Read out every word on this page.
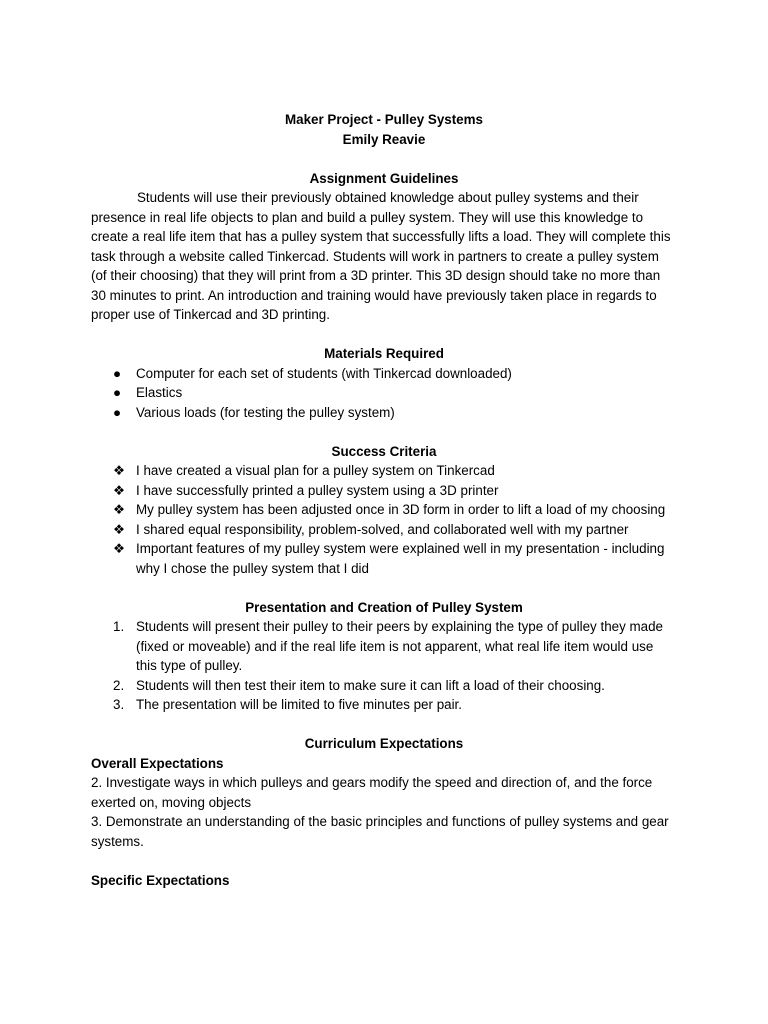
Maker Project - Pulley Systems

Emily Reavie

Assignment Guidelines

Students will use their previously obtained knowledge about pulley systems and their presence in real life objects to plan and build a pulley system. They will use this knowledge to create a real life item that has a pulley system that successfully lifts a load. They will complete this task through a website called Tinkercad. Students will work in partners to create a pulley system (of their choosing) that they will print from a 3D printer. This 3D design should take no more than 30 minutes to print. An introduction and training would have previously taken place in regards to proper use of Tinkercad and 3D printing.

Materials Required

● Computer for each set of students (with Tinkercad downloaded)
● Elastics
● Various loads (for testing the pulley system)

Success Criteria

❖ I have created a visual plan for a pulley system on Tinkercad
❖ I have successfully printed a pulley system using a 3D printer
❖ My pulley system has been adjusted once in 3D form in order to lift a load of my choosing
❖ I shared equal responsibility, problem-solved, and collaborated well with my partner
❖ Important features of my pulley system were explained well in my presentation - including why I chose the pulley system that I did

Presentation and Creation of Pulley System

1. Students will present their pulley to their peers by explaining the type of pulley they made (fixed or moveable) and if the real life item is not apparent, what real life item would use this type of pulley.
2. Students will then test their item to make sure it can lift a load of their choosing.
3. The presentation will be limited to five minutes per pair.

Curriculum Expectations

Overall Expectations

2. Investigate ways in which pulleys and gears modify the speed and direction of, and the force exerted on, moving objects

3. Demonstrate an understanding of the basic principles and functions of pulley systems and gear systems.

Specific Expectations
